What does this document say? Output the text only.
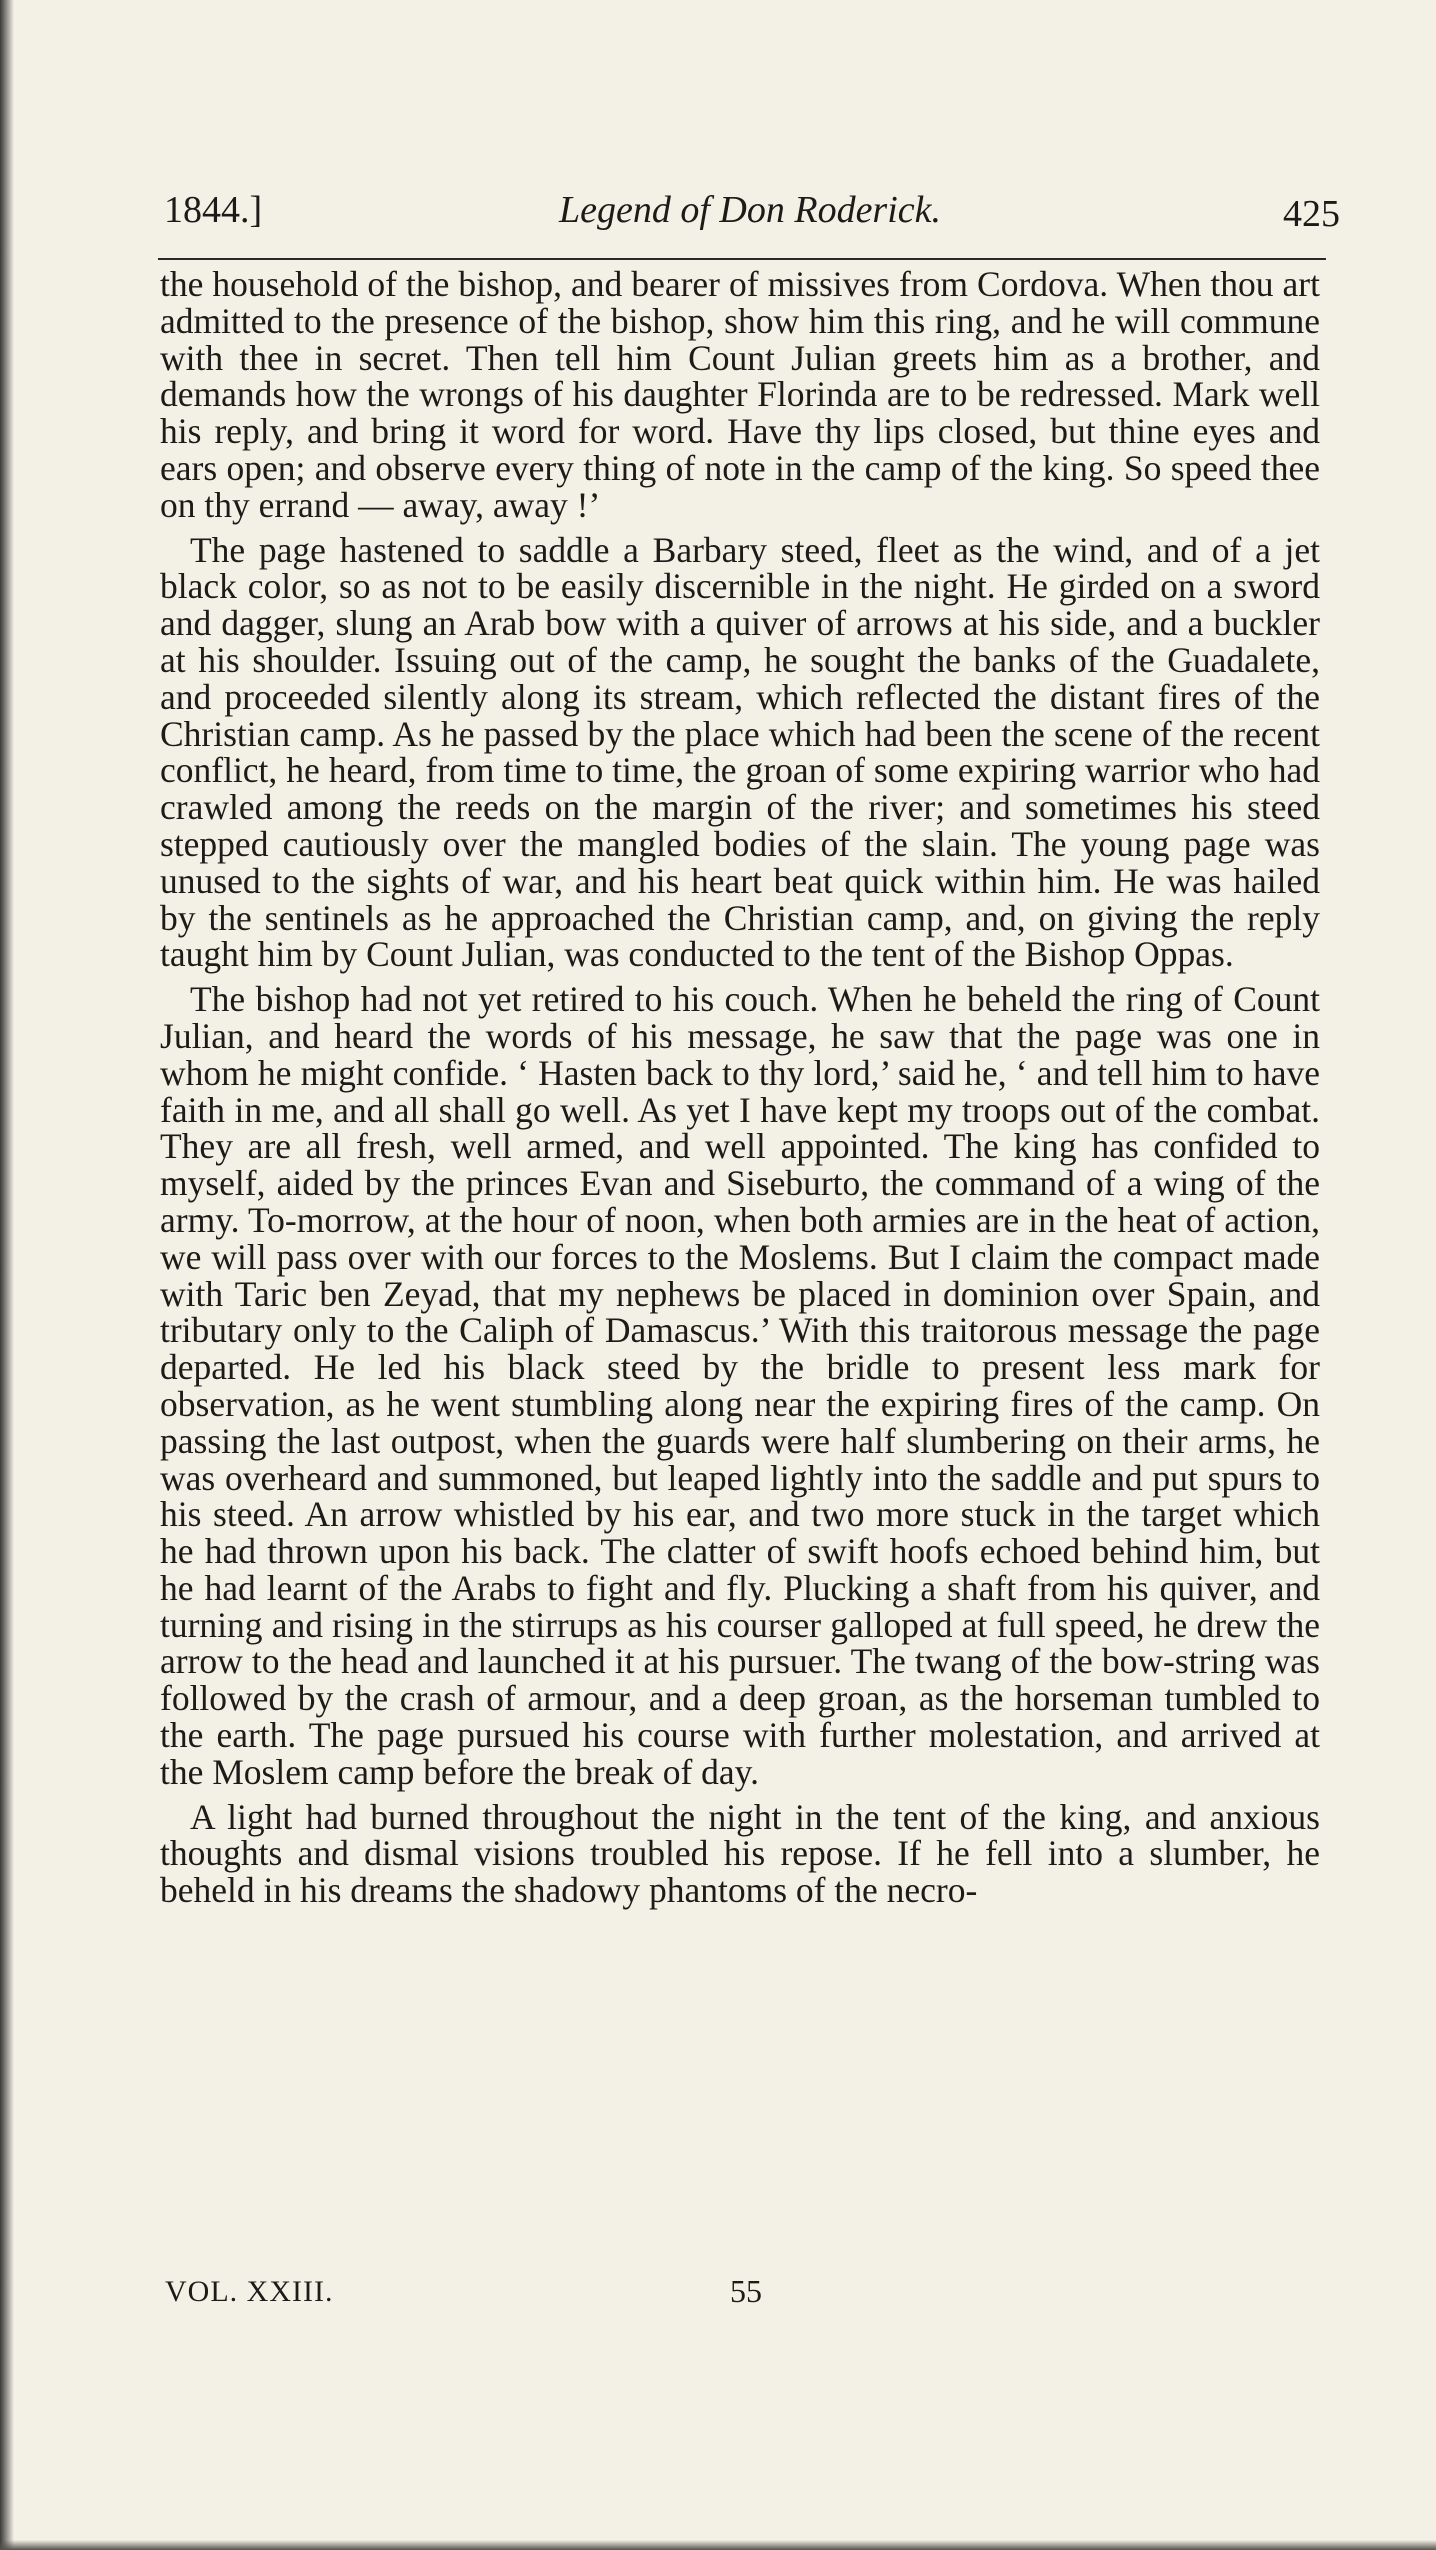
1844.]	Legend of Don Roderick.	425

the household of the bishop, and bearer of missives from Cordova. When thou art admitted to the presence of the bishop, show him this ring, and he will commune with thee in secret. Then tell him Count Julian greets him as a brother, and demands how the wrongs of his daughter Florinda are to be redressed. Mark well his reply, and bring it word for word. Have thy lips closed, but thine eyes and ears open; and observe every thing of note in the camp of the king. So speed thee on thy errand — away, away !’

The page hastened to saddle a Barbary steed, fleet as the wind, and of a jet black color, so as not to be easily discernible in the night. He girded on a sword and dagger, slung an Arab bow with a quiver of arrows at his side, and a buckler at his shoulder. Issuing out of the camp, he sought the banks of the Guadalete, and proceeded silently along its stream, which reflected the distant fires of the Christian camp. As he passed by the place which had been the scene of the recent conflict, he heard, from time to time, the groan of some expiring warrior who had crawled among the reeds on the margin of the river; and sometimes his steed stepped cautiously over the mangled bodies of the slain. The young page was unused to the sights of war, and his heart beat quick within him. He was hailed by the sentinels as he approached the Christian camp, and, on giving the reply taught him by Count Julian, was conducted to the tent of the Bishop Oppas.

The bishop had not yet retired to his couch. When he beheld the ring of Count Julian, and heard the words of his message, he saw that the page was one in whom he might confide. ‘ Hasten back to thy lord,’ said he, ‘ and tell him to have faith in me, and all shall go well. As yet I have kept my troops out of the combat. They are all fresh, well armed, and well appointed. The king has confided to myself, aided by the princes Evan and Siseburto, the command of a wing of the army. To-morrow, at the hour of noon, when both armies are in the heat of action, we will pass over with our forces to the Moslems. But I claim the compact made with Taric ben Zeyad, that my nephews be placed in dominion over Spain, and tributary only to the Caliph of Damascus.’ With this traitorous message the page departed. He led his black steed by the bridle to present less mark for observation, as he went stumbling along near the expiring fires of the camp. On passing the last outpost, when the guards were half slumbering on their arms, he was overheard and summoned, but leaped lightly into the saddle and put spurs to his steed. An arrow whistled by his ear, and two more stuck in the target which he had thrown upon his back. The clatter of swift hoofs echoed behind him, but he had learnt of the Arabs to fight and fly. Plucking a shaft from his quiver, and turning and rising in the stirrups as his courser galloped at full speed, he drew the arrow to the head and launched it at his pursuer. The twang of the bow-string was followed by the crash of armour, and a deep groan, as the horseman tumbled to the earth. The page pursued his course with further molestation, and arrived at the Moslem camp before the break of day.

A light had burned throughout the night in the tent of the king, and anxious thoughts and dismal visions troubled his repose. If he fell into a slumber, he beheld in his dreams the shadowy phantoms of the necro-

VOL. XXIII.	55
